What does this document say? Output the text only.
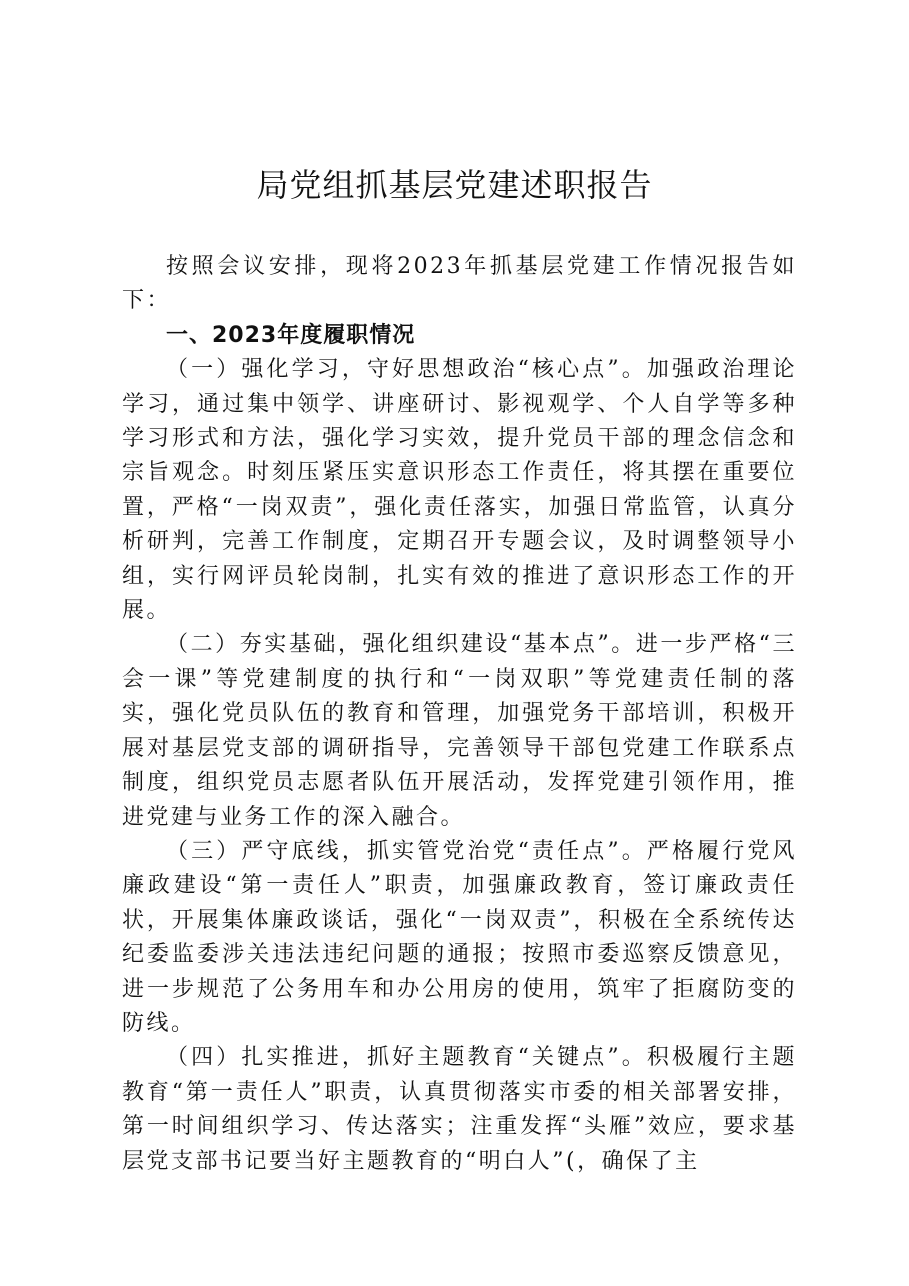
局党组抓基层党建述职报告

按照会议安排，现将2023年抓基层党建工作情况报告如下：

一、2023年度履职情况

（一）强化学习，守好思想政治“核心点”。加强政治理论学习，通过集中领学、讲座研讨、影视观学、个人自学等多种学习形式和方法，强化学习实效，提升党员干部的理念信念和宗旨观念。时刻压紧压实意识形态工作责任，将其摆在重要位置，严格“一岗双责”，强化责任落实，加强日常监管，认真分析研判，完善工作制度，定期召开专题会议，及时调整领导小组，实行网评员轮岗制，扎实有效的推进了意识形态工作的开展。

（二）夯实基础，强化组织建设“基本点”。进一步严格“三会一课”等党建制度的执行和“一岗双职”等党建责任制的落实，强化党员队伍的教育和管理，加强党务干部培训，积极开展对基层党支部的调研指导，完善领导干部包党建工作联系点制度，组织党员志愿者队伍开展活动，发挥党建引领作用，推进党建与业务工作的深入融合。

（三）严守底线，抓实管党治党“责任点”。严格履行党风廉政建设“第一责任人”职责，加强廉政教育，签订廉政责任状，开展集体廉政谈话，强化“一岗双责”，积极在全系统传达纪委监委涉关违法违纪问题的通报；按照市委巡察反馈意见，进一步规范了公务用车和办公用房的使用，筑牢了拒腐防变的防线。

（四）扎实推进，抓好主题教育“关键点”。积极履行主题教育“第一责任人”职责，认真贯彻落实市委的相关部署安排，第一时间组织学习、传达落实；注重发挥“头雁”效应，要求基层党支部书记要当好主题教育的“明白人”(，确保了主
